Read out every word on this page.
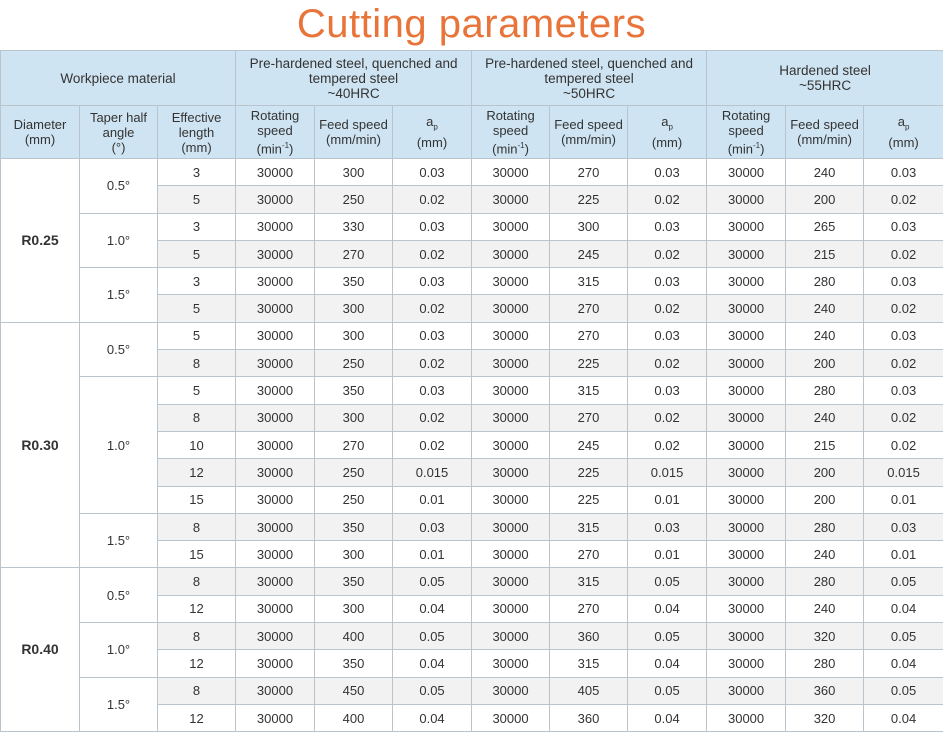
Cutting parameters
Workpiece material			Pre-hardened steel, quenched and
tempered steel
~40HRC			Pre-hardened steel, quenched and
tempered steel
~50HRC			Hardened steel
~55HRC		

Diameter
(mm)	Taper half
angle
(°)	Effective
length
(mm)	Rotating
speed
$(\min^{-1})$	Feed speed
(mm/min)	$a_p$
(mm)	Rotating
speed
$(\min^{-1})$	Feed speed
(mm/min)	$a_p$
(mm)	Rotating
speed
$(\min^{-1})$	Feed speed
(mm/min)	$a_p$
(mm)

R0.25	0.5°	3	30000	300	0.03	30000	270	0.03	30000	240	0.03
		5	30000	250	0.02	30000	225	0.02	30000	200	0.02
	1.0°	3	30000	330	0.03	30000	300	0.03	30000	265	0.03
		5	30000	270	0.02	30000	245	0.02	30000	215	0.02
	1.5°	3	30000	350	0.03	30000	315	0.03	30000	280	0.03
		5	30000	300	0.02	30000	270	0.02	30000	240	0.02
R0.30	0.5°	5	30000	300	0.03	30000	270	0.03	30000	240	0.03
		8	30000	250	0.02	30000	225	0.02	30000	200	0.02
	1.0°	5	30000	350	0.03	30000	315	0.03	30000	280	0.03
		8	30000	300	0.02	30000	270	0.02	30000	240	0.02
		10	30000	270	0.02	30000	245	0.02	30000	215	0.02
		12	30000	250	0.015	30000	225	0.015	30000	200	0.015
		15	30000	250	0.01	30000	225	0.01	30000	200	0.01
	1.5°	8	30000	350	0.03	30000	315	0.03	30000	280	0.03
		15	30000	300	0.01	30000	270	0.01	30000	240	0.01
R0.40	0.5°	8	30000	350	0.05	30000	315	0.05	30000	280	0.05
		12	30000	300	0.04	30000	270	0.04	30000	240	0.04
	1.0°	8	30000	400	0.05	30000	360	0.05	30000	320	0.05
		12	30000	350	0.04	30000	315	0.04	30000	280	0.04
	1.5°	8	30000	450	0.05	30000	405	0.05	30000	360	0.05
		12	30000	400	0.04	30000	360	0.04	30000	320	0.04
